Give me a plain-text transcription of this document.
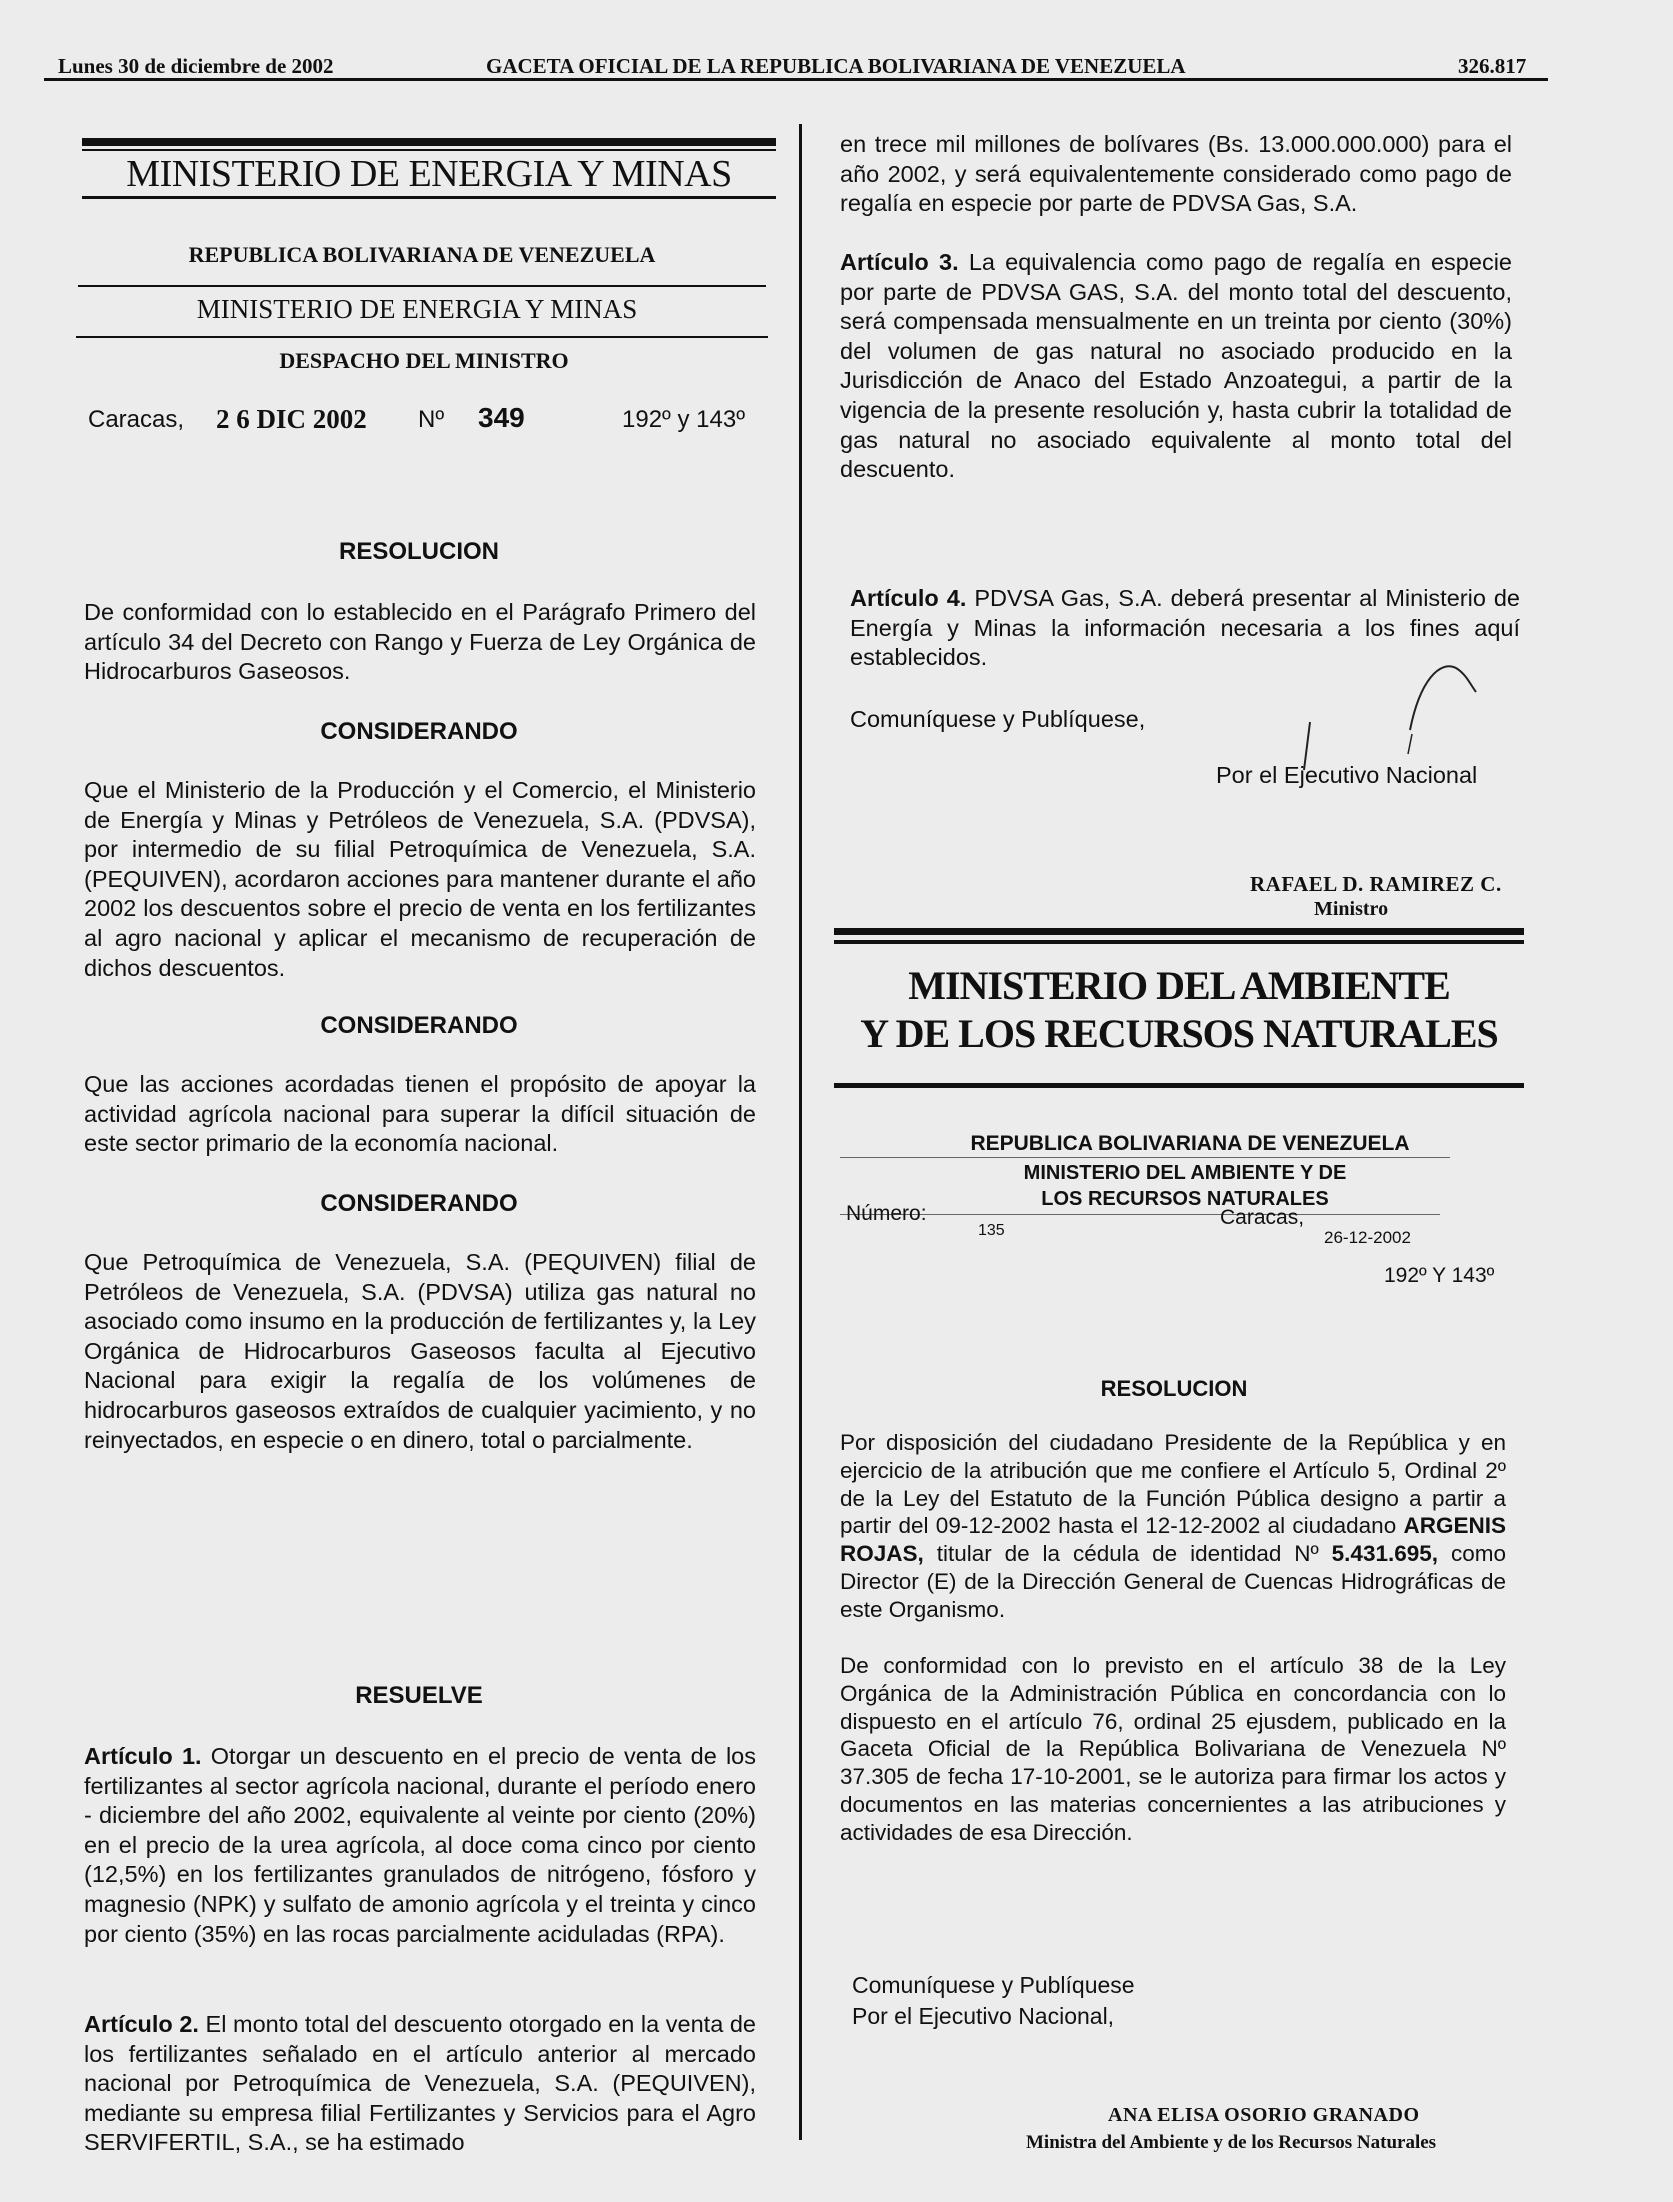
Lunes 30 de diciembre de 2002	GACETA OFICIAL DE LA REPUBLICA BOLIVARIANA DE VENEZUELA	326.817
MINISTERIO DE ENERGIA Y MINAS
REPUBLICA BOLIVARIANA DE VENEZUELA
MINISTERIO DE ENERGIA Y MINAS
DESPACHO DEL MINISTRO
Caracas, 2 6 DIC 2002 Nº 349	192º y 143º
RESOLUCION

De conformidad con lo establecido en el Parágrafo Primero del artículo 34 del Decreto con Rango y Fuerza de Ley Orgánica de Hidrocarburos Gaseosos.

CONSIDERANDO

Que el Ministerio de la Producción y el Comercio, el Ministerio de Energía y Minas y Petróleos de Venezuela, S.A. (PDVSA), por intermedio de su filial Petroquímica de Venezuela, S.A. (PEQUIVEN), acordaron acciones para mantener durante el año 2002 los descuentos sobre el precio de venta en los fertilizantes al agro nacional y aplicar el mecanismo de recuperación de dichos descuentos.

CONSIDERANDO

Que las acciones acordadas tienen el propósito de apoyar la actividad agrícola nacional para superar la difícil situación de este sector primario de la economía nacional.

CONSIDERANDO

Que Petroquímica de Venezuela, S.A. (PEQUIVEN) filial de Petróleos de Venezuela, S.A. (PDVSA) utiliza gas natural no asociado como insumo en la producción de fertilizantes y, la Ley Orgánica de Hidrocarburos Gaseosos faculta al Ejecutivo Nacional para exigir la regalía de los volúmenes de hidrocarburos gaseosos extraídos de cualquier yacimiento, y no reinyectados, en especie o en dinero, total o parcialmente.

RESUELVE

Artículo 1. Otorgar un descuento en el precio de venta de los fertilizantes al sector agrícola nacional, durante el período enero - diciembre del año 2002, equivalente al veinte por ciento (20%) en el precio de la urea agrícola, al doce coma cinco por ciento (12,5%) en los fertilizantes granulados de nitrógeno, fósforo y magnesio (NPK) y sulfato de amonio agrícola y el treinta y cinco por ciento (35%) en las rocas parcialmente aciduladas (RPA).

Artículo 2. El monto total del descuento otorgado en la venta de los fertilizantes señalado en el artículo anterior al mercado nacional por Petroquímica de Venezuela, S.A. (PEQUIVEN), mediante su empresa filial Fertilizantes y Servicios para el Agro SERVIFERTIL, S.A., se ha estimado

en trece mil millones de bolívares (Bs. 13.000.000.000) para el año 2002, y será equivalentemente considerado como pago de regalía en especie por parte de PDVSA Gas, S.A.

Artículo 3. La equivalencia como pago de regalía en especie por parte de PDVSA GAS, S.A. del monto total del descuento, será compensada mensualmente en un treinta por ciento (30%) del volumen de gas natural no asociado producido en la Jurisdicción de Anaco del Estado Anzoategui, a partir de la vigencia de la presente resolución y, hasta cubrir la totalidad de gas natural no asociado equivalente al monto total del descuento.

Artículo 4. PDVSA Gas, S.A. deberá presentar al Ministerio de Energía y Minas la información necesaria a los fines aquí establecidos.

Comuníquese y Publíquese,
Por el Ejecutivo Nacional
RAFAEL D. RAMIREZ C.
Ministro
MINISTERIO DEL AMBIENTE
Y DE LOS RECURSOS NATURALES
REPUBLICA BOLIVARIANA DE VENEZUELA
MINISTERIO DEL AMBIENTE Y DE
LOS RECURSOS NATURALES
Número:
135
Caracas,
26-12-2002
192º Y 143º
RESOLUCION

Por disposición del ciudadano Presidente de la República y en ejercicio de la atribución que me confiere el Artículo 5, Ordinal 2º de la Ley del Estatuto de la Función Pública designo a partir a partir del 09-12-2002 hasta el 12-12-2002 al ciudadano ARGENIS ROJAS, titular de la cédula de identidad Nº 5.431.695, como Director (E) de la Dirección General de Cuencas Hidrográficas de este Organismo.

De conformidad con lo previsto en el artículo 38 de la Ley Orgánica de la Administración Pública en concordancia con lo dispuesto en el artículo 76, ordinal 25 ejusdem, publicado en la Gaceta Oficial de la República Bolivariana de Venezuela Nº 37.305 de fecha 17-10-2001, se le autoriza para firmar los actos y documentos en las materias concernientes a las atribuciones y actividades de esa Dirección.

Comuníquese y Publíquese
Por el Ejecutivo Nacional,
ANA ELISA OSORIO GRANADO
Ministra del Ambiente y de los Recursos Naturales
